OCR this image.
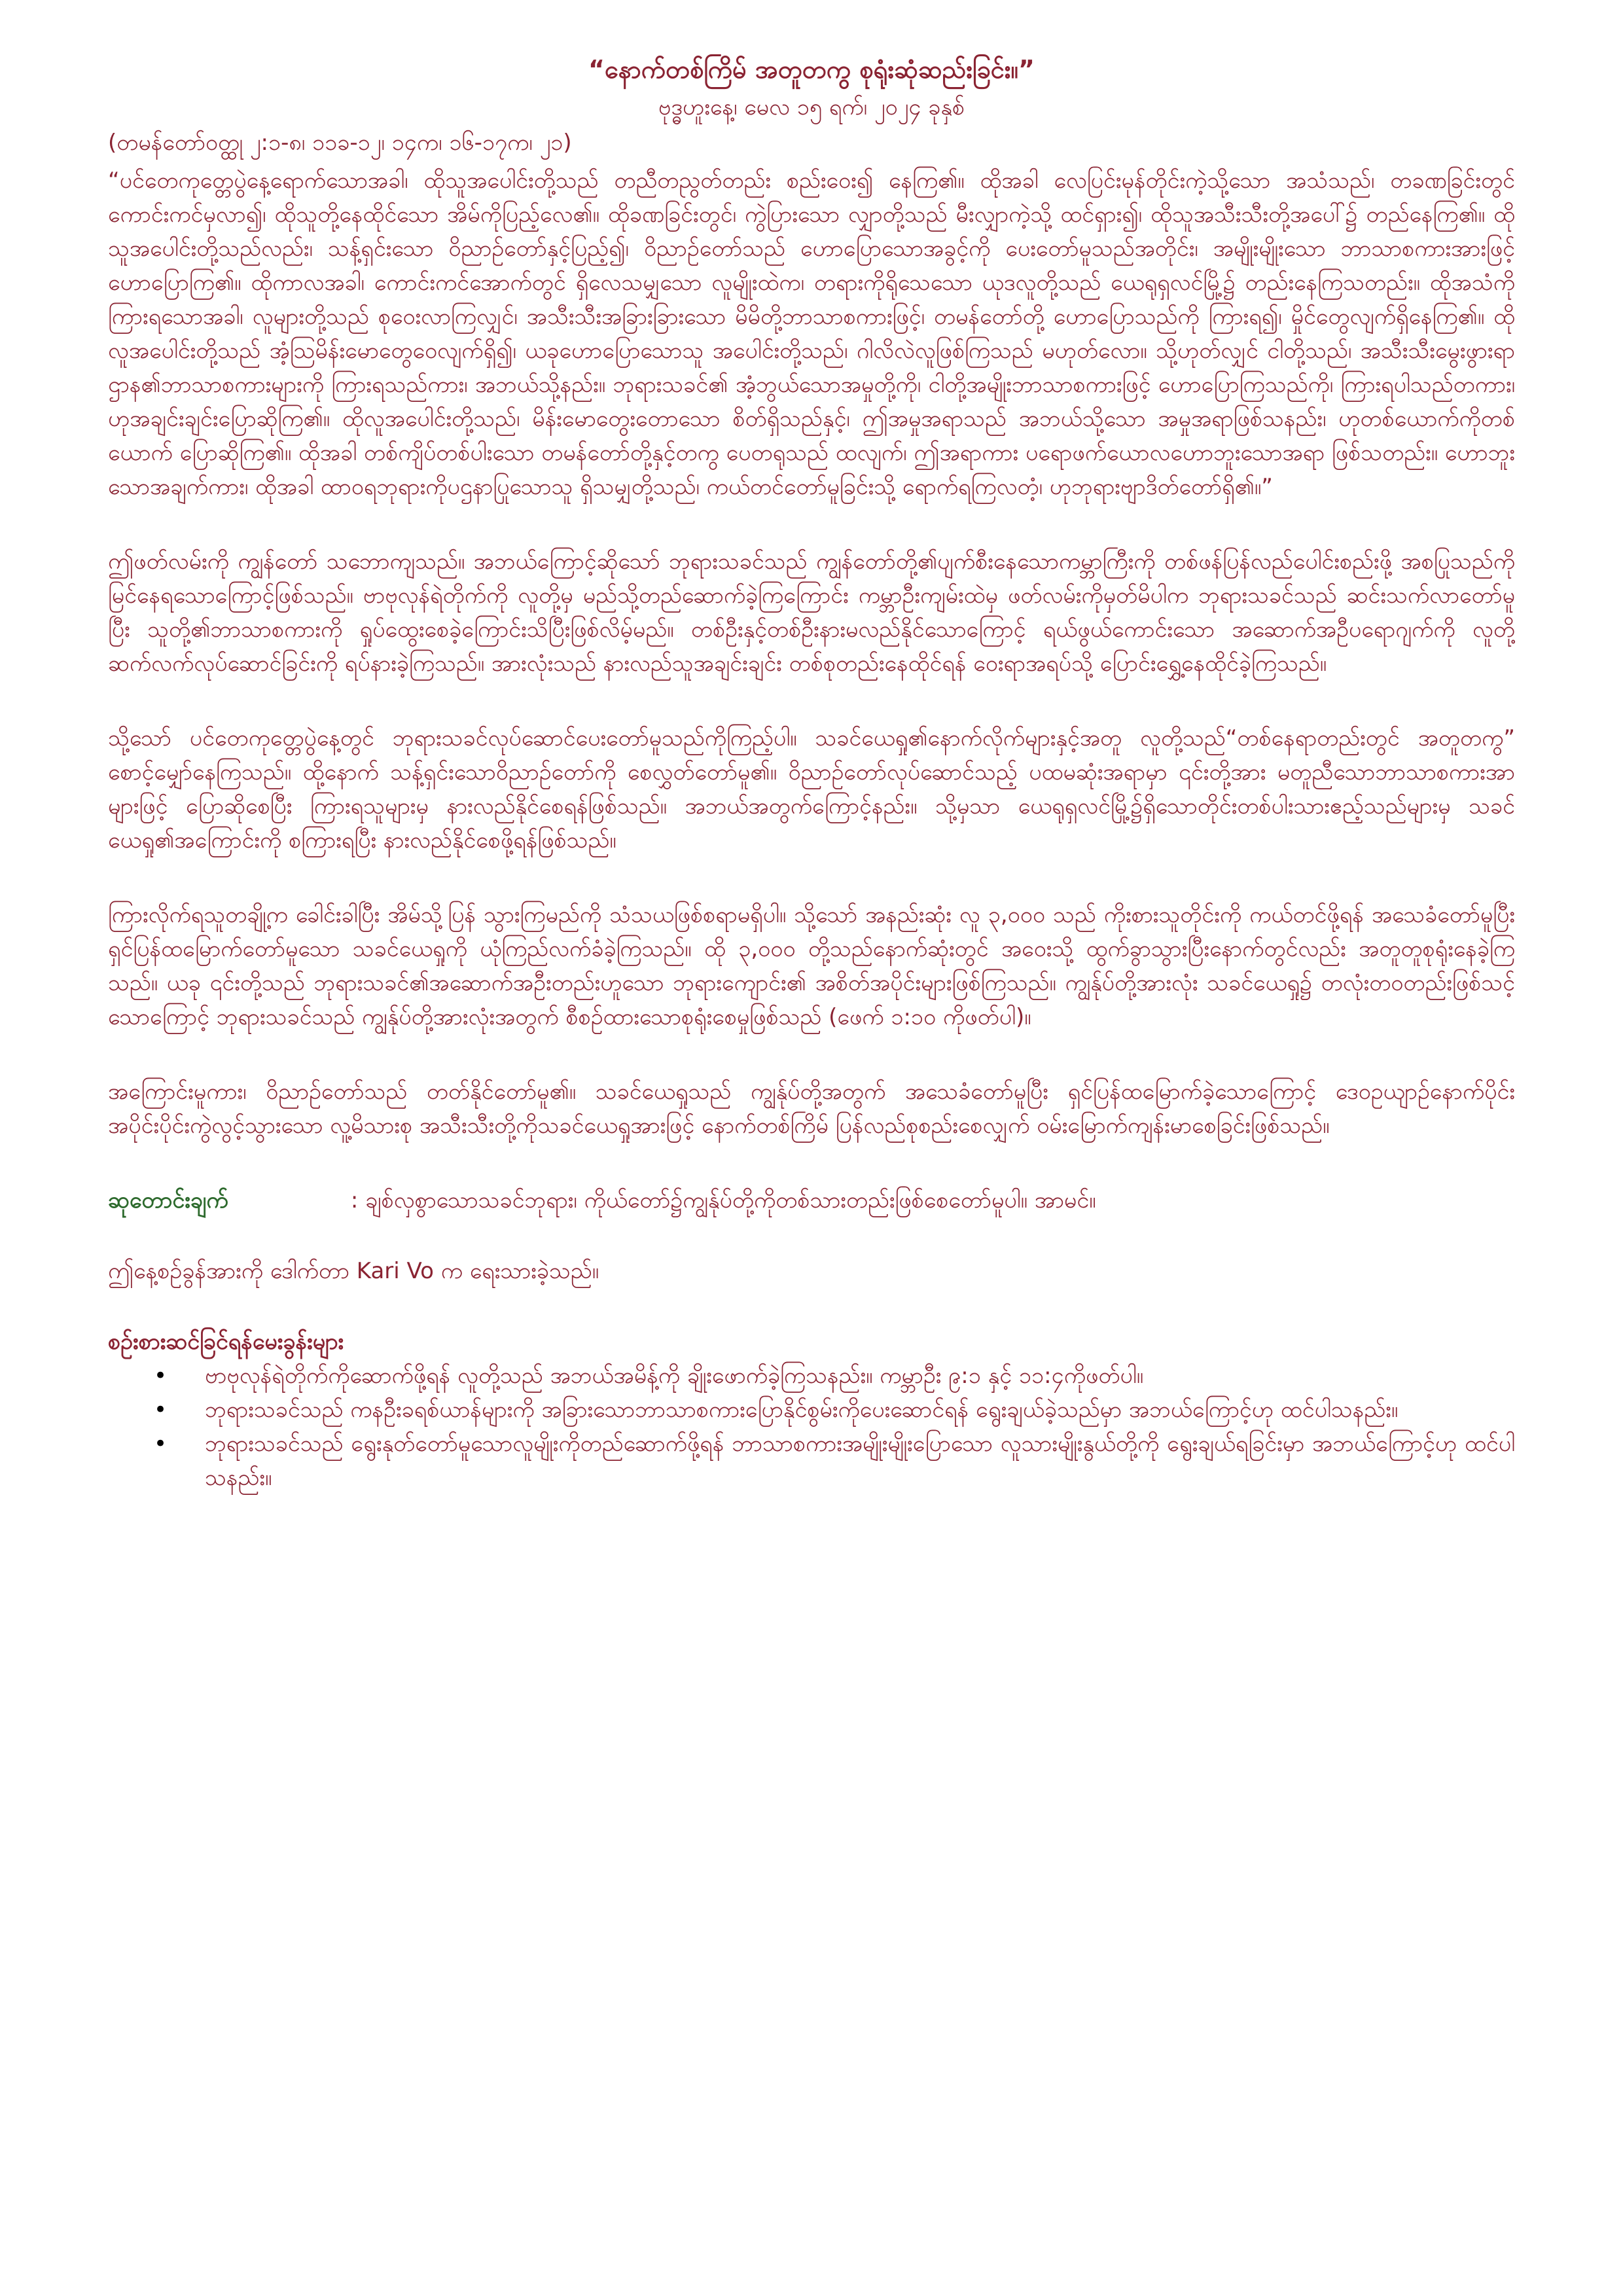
“နောက်တစ်ကြိမ် အတူတကွ စုရုံးဆုံဆည်းခြင်း။”

ဗုဒ္ဓဟူးနေ့၊ မေလ ၁၅ ရက်၊ ၂၀၂၄ ခုနှစ်

(တမန်တော်ဝတ္ထု ၂:၁-၈၊ ၁၁ခ-၁၂၊ ၁၄က၊ ၁၆-၁၇က၊ ၂၁)

“ပင်တေကုတ္တေပွဲနေ့ရောက်သောအခါ၊ ထိုသူအပေါင်းတို့သည် တညီတညွတ်တည်း စည်းဝေး၍ နေကြ၏။ ထိုအခါ လေပြင်းမုန်တိုင်းကဲ့သို့သော အသံသည်၊ တခဏခြင်းတွင် ကောင်းကင်မှလာ၍၊ ထိုသူတို့နေထိုင်သော အိမ်ကိုပြည့်လေ၏။ ထိုခဏခြင်းတွင်၊ ကွဲပြားသော လျှာတို့သည် မီးလျှာကဲ့သို့ ထင်ရှား၍၊ ထိုသူအသီးသီးတို့အပေါ်၌ တည်နေကြ၏။ ထိုသူအပေါင်းတို့သည်လည်း၊ သန့်ရှင်းသော ဝိညာဉ်တော်နှင့်ပြည့်၍၊ ဝိညာဉ်တော်သည် ဟောပြောသောအခွင့်ကို ပေးတော်မူသည်အတိုင်း၊ အမျိုးမျိုးသော ဘာသာစကားအားဖြင့် ဟောပြောကြ၏။ ထိုကာလအခါ၊ ကောင်းကင်အောက်တွင် ရှိလေသမျှသော လူမျိုးထဲက၊ တရားကိုရိုသေသော ယုဒလူတို့သည် ယေရုရှလင်မြို့၌ တည်းနေကြသတည်း။ ထိုအသံကို ကြားရသောအခါ၊ လူများတို့သည် စုဝေးလာကြလျှင်၊ အသီးသီးအခြားခြားသော မိမိတို့ဘာသာစကားဖြင့်၊ တမန်တော်တို့ ဟောပြောသည်ကို ကြားရ၍၊ မှိုင်တွေလျက်ရှိနေကြ၏။ ထိုလူအပေါင်းတို့သည် အံ့သြမိန်းမောတွေဝေလျက်ရှိ၍၊ ယခုဟောပြောသောသူ အပေါင်းတို့သည်၊ ဂါလိလဲလူဖြစ်ကြသည် မဟုတ်လော။ သို့ဟုတ်လျှင် ငါတို့သည်၊ အသီးသီးမွေးဖွားရာဌာန၏ဘာသာစကားများကို ကြားရသည်ကား၊ အဘယ်သို့နည်း။ ဘုရားသခင်၏ အံ့ဘွယ်သောအမှုတို့ကို၊ ငါတို့အမျိုးဘာသာစကားဖြင့် ဟောပြောကြသည်ကို၊ ကြားရပါသည်တကား၊ ဟုအချင်းချင်းပြောဆိုကြ၏။ ထိုလူအပေါင်းတို့သည်၊ မိန်းမောတွေးတောသော စိတ်ရှိသည်နှင့်၊ ဤအမှုအရာသည် အဘယ်သို့သော အမှုအရာဖြစ်သနည်း၊ ဟုတစ်ယောက်ကိုတစ်ယောက် ပြောဆိုကြ၏။ ထိုအခါ တစ်ကျိပ်တစ်ပါးသော တမန်တော်တို့နှင့်တကွ ပေတရုသည် ထလျက်၊ ဤအရာကား ပရောဖက်ယောလဟောဘူးသောအရာ ဖြစ်သတည်း။ ဟောဘူးသောအချက်ကား၊ ထိုအခါ ထာဝရဘုရားကိုပဌနာပြုသောသူ ရှိသမျှတို့သည်၊ ကယ်တင်တော်မူခြင်းသို့ ရောက်ရကြလတံ့၊ ဟုဘုရားဗျာဒိတ်တော်ရှိ၏။”

ဤဖတ်လမ်းကို ကျွန်တော် သဘောကျသည်။ အဘယ်ကြောင့်ဆိုသော် ဘုရားသခင်သည် ကျွန်တော်တို့၏ပျက်စီးနေသောကမ္ဘာကြီးကို တစ်ဖန်ပြန်လည်ပေါင်းစည်းဖို့ အစပြုသည်ကို မြင်နေရသောကြောင့်ဖြစ်သည်။ ဗာဗုလုန်ရဲတိုက်ကို လူတို့မှ မည်သို့တည်ဆောက်ခဲ့ကြကြောင်း ကမ္ဘာဦးကျမ်းထဲမှ ဖတ်လမ်းကိုမှတ်မိပါက ဘုရားသခင်သည် ဆင်းသက်လာတော်မူပြီး သူတို့၏ဘာသာစကားကို ရှုပ်ထွေးစေခဲ့ကြောင်းသိပြီးဖြစ်လိမ့်မည်။ တစ်ဦးနှင့်တစ်ဦးနားမလည်နိုင်သောကြောင့် ရယ်ဖွယ်ကောင်းသော အဆောက်အဦပရောဂျက်ကို လူတို့ဆက်လက်လုပ်ဆောင်ခြင်းကို ရပ်နားခဲ့ကြသည်။ အားလုံးသည် နားလည်သူအချင်းချင်း တစ်စုတည်းနေထိုင်ရန် ဝေးရာအရပ်သို့ ပြောင်းရွှေ့နေထိုင်ခဲ့ကြသည်။

သို့သော် ပင်တေကုတ္တေပွဲနေ့တွင် ဘုရားသခင်လုပ်ဆောင်ပေးတော်မူသည်ကိုကြည့်ပါ။ သခင်ယေရှု၏နောက်လိုက်များနှင့်အတူ လူတို့သည်“တစ်နေရာတည်းတွင် အတူတကွ” စောင့်မျှော်နေကြသည်။ ထို့နောက် သန့်ရှင်းသောဝိညာဉ်တော်ကို စေလွှတ်တော်မူ၏။ ဝိညာဉ်တော်လုပ်ဆောင်သည့် ပထမဆုံးအရာမှာ ၎င်းတို့အား မတူညီသောဘာသာစကားအာများဖြင့် ပြောဆိုစေပြီး ကြားရသူများမှ နားလည်နိုင်စေရန်ဖြစ်သည်။ အဘယ်အတွက်ကြောင့်နည်း။ သို့မှသာ ယေရုရှလင်မြို့၌ရှိသောတိုင်းတစ်ပါးသားဧည့်သည်များမှ သခင်ယေရှု၏အကြောင်းကို စကြားရပြီး နားလည်နိုင်စေဖို့ရန်ဖြစ်သည်။

ကြားလိုက်ရသူတချို့က ခေါင်းခါပြီး အိမ်သို့ပြန် သွားကြမည်ကို သံသယဖြစ်စရာမရှိပါ။ သို့သော် အနည်းဆုံး လူ ၃,၀၀၀ သည် ကိုးစားသူတိုင်းကို ကယ်တင်ဖို့ရန် အသေခံတော်မူပြီး ရှင်ပြန်ထမြောက်တော်မူသော သခင်ယေရှုကို ယုံကြည်လက်ခံခဲ့ကြသည်။ ထို ၃,၀၀၀ တို့သည်နောက်ဆုံးတွင် အဝေးသို့ ထွက်ခွာသွားပြီးနောက်တွင်လည်း အတူတူစုရုံးနေခဲ့ကြသည်။ ယခု ၎င်းတို့သည် ဘုရားသခင်၏အဆောက်အဦးတည်းဟူသော ဘုရားကျောင်း၏ အစိတ်အပိုင်းများဖြစ်ကြသည်။ ကျွန်ုပ်တို့အားလုံး သခင်ယေရှု၌ တလုံးတဝတည်းဖြစ်သင့်သောကြောင့် ဘုရားသခင်သည် ကျွန်ုပ်တို့အားလုံးအတွက် စီစဉ်ထားသောစုရုံးစေမှုဖြစ်သည် (ဖေက် ၁:၁၀ ကိုဖတ်ပါ)။

အကြောင်းမူကား၊ ဝိညာဉ်တော်သည် တတ်နိုင်တော်မူ၏။ သခင်ယေရှုသည် ကျွန်ုပ်တို့အတွက် အသေခံတော်မူပြီး ရှင်ပြန်ထမြောက်ခဲ့သောကြောင့် ဒေဝဥယျာဉ်နောက်ပိုင်း အပိုင်းပိုင်းကွဲလွင့်သွားသော လူ့မိသားစု အသီးသီးတို့ကိုသခင်ယေရှုအားဖြင့် နောက်တစ်ကြိမ် ပြန်လည်စုစည်းစေလျှက် ဝမ်းမြောက်ကျန်းမာစေခြင်းဖြစ်သည်။

ဆုတောင်းချက်	: ချစ်လှစွာသောသခင်ဘုရား၊ ကိုယ်တော်၌ကျွန်ုပ်တို့ကိုတစ်သားတည်းဖြစ်စေတော်မူပါ။ အာမင်။

ဤနေ့စဉ်ခွန်အားကို ဒေါက်တာ Kari Vo က ရေးသားခဲ့သည်။

စဉ်းစားဆင်ခြင်ရန်မေးခွန်းများ
• ဗာဗုလုန်ရဲတိုက်ကိုဆောက်ဖို့ရန် လူတို့သည် အဘယ်အမိန့်ကို ချိုးဖောက်ခဲ့ကြသနည်း။ ကမ္ဘာဦး ၉:၁ နှင့် ၁၁:၄ကိုဖတ်ပါ။
• ဘုရားသခင်သည် ကနဦးခရစ်ယာန်များကို အခြားသောဘာသာစကားပြောနိုင်စွမ်းကိုပေးဆောင်ရန် ရွေးချယ်ခဲ့သည်မှာ အဘယ်ကြောင့်ဟု ထင်ပါသနည်း။
• ဘုရားသခင်သည် ရွေးနုတ်တော်မူသောလူမျိုးကိုတည်ဆောက်ဖို့ရန် ဘာသာစကားအမျိုးမျိုးပြောသော လူသားမျိုးနွယ်တို့ကို ရွေးချယ်ရခြင်းမှာ အဘယ်ကြောင့်ဟု ထင်ပါသနည်း။
